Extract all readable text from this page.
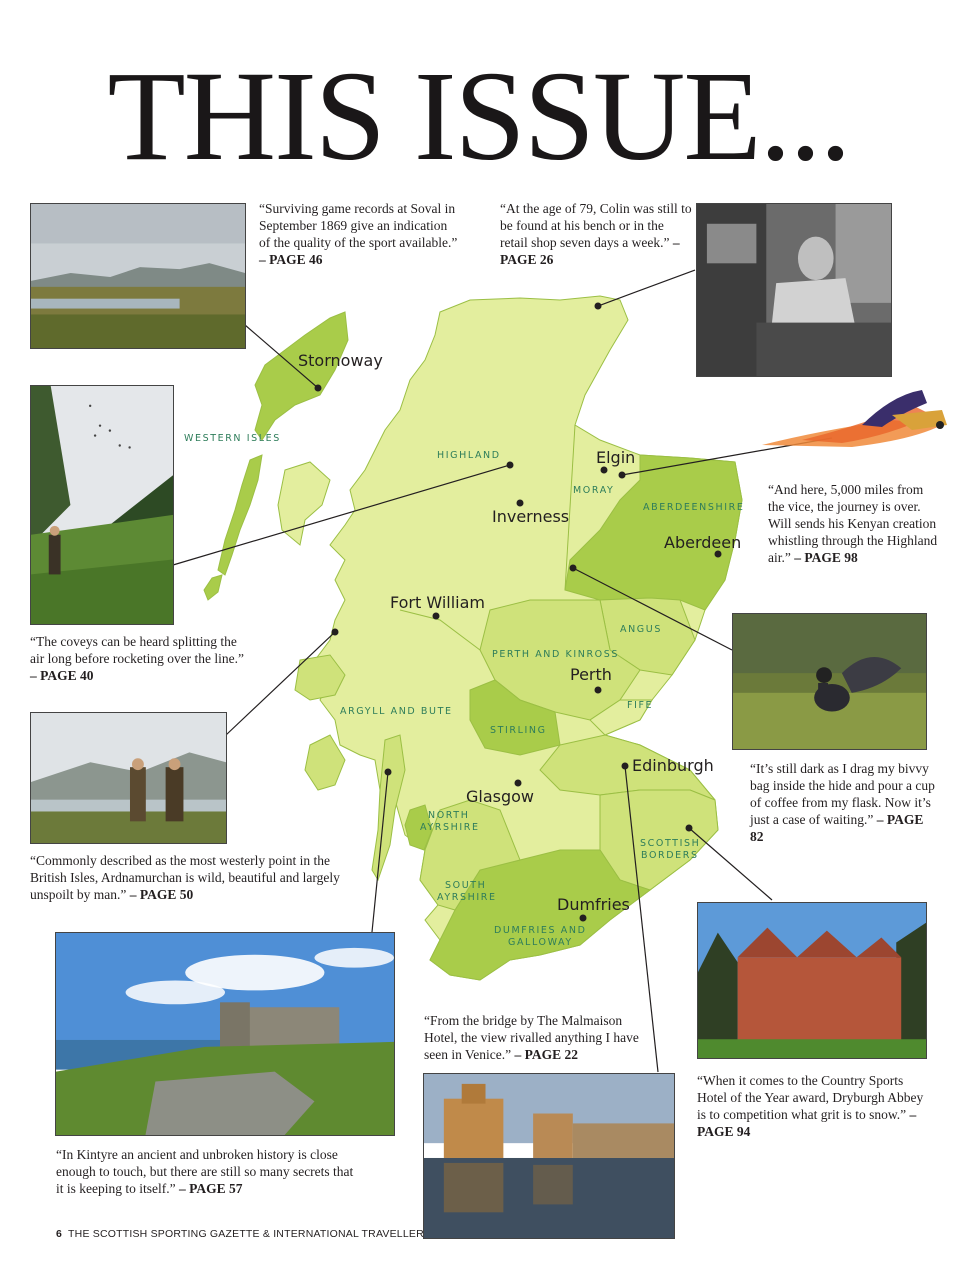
THIS ISSUE...
Stornoway
Elgin
Inverness
Aberdeen
Fort William
Perth
Edinburgh
Glasgow
Dumfries
WESTERN ISLES
HIGHLAND
MORAY
ABERDEENSHIRE
ANGUS
PERTH AND KINROSS
ARGYLL AND BUTE
FIFE
STIRLING
NORTH
AYRSHIRE
SCOTTISH
BORDERS
SOUTH
AYRSHIRE
DUMFRIES AND
GALLOWAY
“Surviving game records at Soval in September 1869 give an indication of the quality of the sport available.” – PAGE 46
“At the age of 79, Colin was still to be found at his bench or in the retail shop seven days a week.” – PAGE 26
“And here, 5,000 miles from the vice, the journey is over. Will sends his Kenyan creation whistling through the Highland air.” – PAGE 98
“The coveys can be heard splitting the air long before rocketing over the line.” – PAGE 40
“It’s still dark as I drag my bivvy bag inside the hide and pour a cup of coffee from my flask. Now it’s just a case of waiting.” – PAGE 82
“Commonly described as the most westerly point in the British Isles, Ardnamurchan is wild, beautiful and largely unspoilt by man.” – PAGE 50
“In Kintyre an ancient and unbroken history is close enough to touch, but there are still so many secrets that it is keeping to itself.” – PAGE 57
“From the bridge by The Malmaison Hotel, the view rivalled anything I have seen in Venice.” – PAGE 22
“When it comes to the Country Sports Hotel of the Year award, Dryburgh Abbey is to competition what grit is to snow.” – PAGE 94
6 THE SCOTTISH SPORTING GAZETTE & INTERNATIONAL TRAVELLER
